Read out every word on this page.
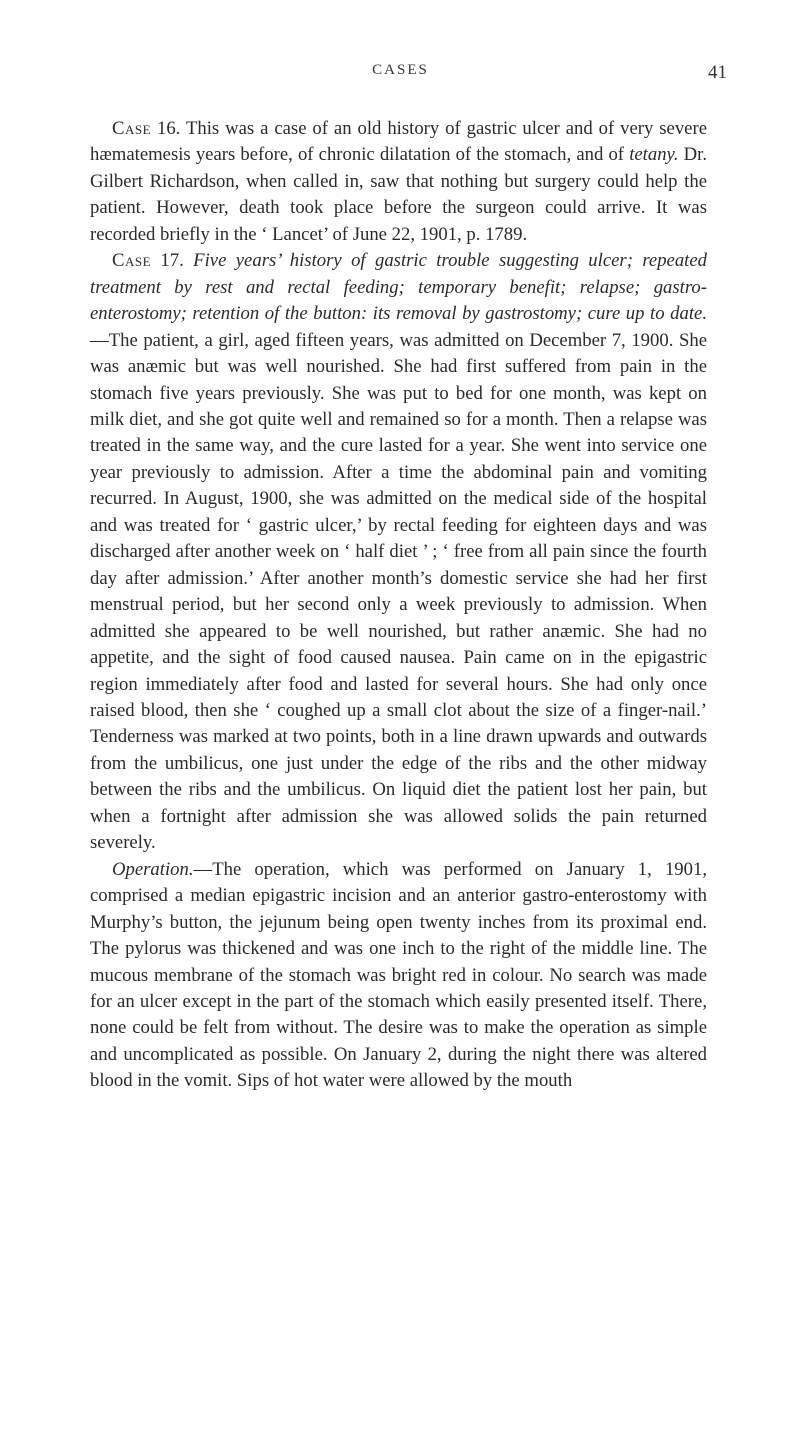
CASES	41

Case 16. This was a case of an old history of gastric ulcer and of very severe hæmatemesis years before, of chronic dilatation of the stomach, and of tetany. Dr. Gilbert Richardson, when called in, saw that nothing but surgery could help the patient. However, death took place before the surgeon could arrive. It was recorded briefly in the ‘ Lancet’ of June 22, 1901, p. 1789.

Case 17. Five years’ history of gastric trouble suggesting ulcer; repeated treatment by rest and rectal feeding; temporary benefit; relapse; gastro-enterostomy; retention of the button: its removal by gastrostomy; cure up to date.—The patient, a girl, aged fifteen years, was admitted on December 7, 1900. She was anæmic but was well nourished. She had first suffered from pain in the stomach five years previously. She was put to bed for one month, was kept on milk diet, and she got quite well and remained so for a month. Then a relapse was treated in the same way, and the cure lasted for a year. She went into service one year previously to admission. After a time the abdominal pain and vomiting recurred. In August, 1900, she was admitted on the medical side of the hospital and was treated for ‘ gastric ulcer,’ by rectal feeding for eighteen days and was discharged after another week on ‘ half diet ’ ; ‘ free from all pain since the fourth day after admission.’ After another month’s domestic service she had her first menstrual period, but her second only a week previously to admission. When admitted she appeared to be well nourished, but rather anæmic. She had no appetite, and the sight of food caused nausea. Pain came on in the epigastric region immediately after food and lasted for several hours. She had only once raised blood, then she ‘ coughed up a small clot about the size of a finger-nail.’ Tenderness was marked at two points, both in a line drawn upwards and outwards from the umbilicus, one just under the edge of the ribs and the other midway between the ribs and the umbilicus. On liquid diet the patient lost her pain, but when a fortnight after admission she was allowed solids the pain returned severely.

Operation.—The operation, which was performed on January 1, 1901, comprised a median epigastric incision and an anterior gastro-enterostomy with Murphy’s button, the jejunum being open twenty inches from its proximal end. The pylorus was thickened and was one inch to the right of the middle line. The mucous membrane of the stomach was bright red in colour. No search was made for an ulcer except in the part of the stomach which easily presented itself. There, none could be felt from without. The desire was to make the operation as simple and uncomplicated as possible. On January 2, during the night there was altered blood in the vomit. Sips of hot water were allowed by the mouth
